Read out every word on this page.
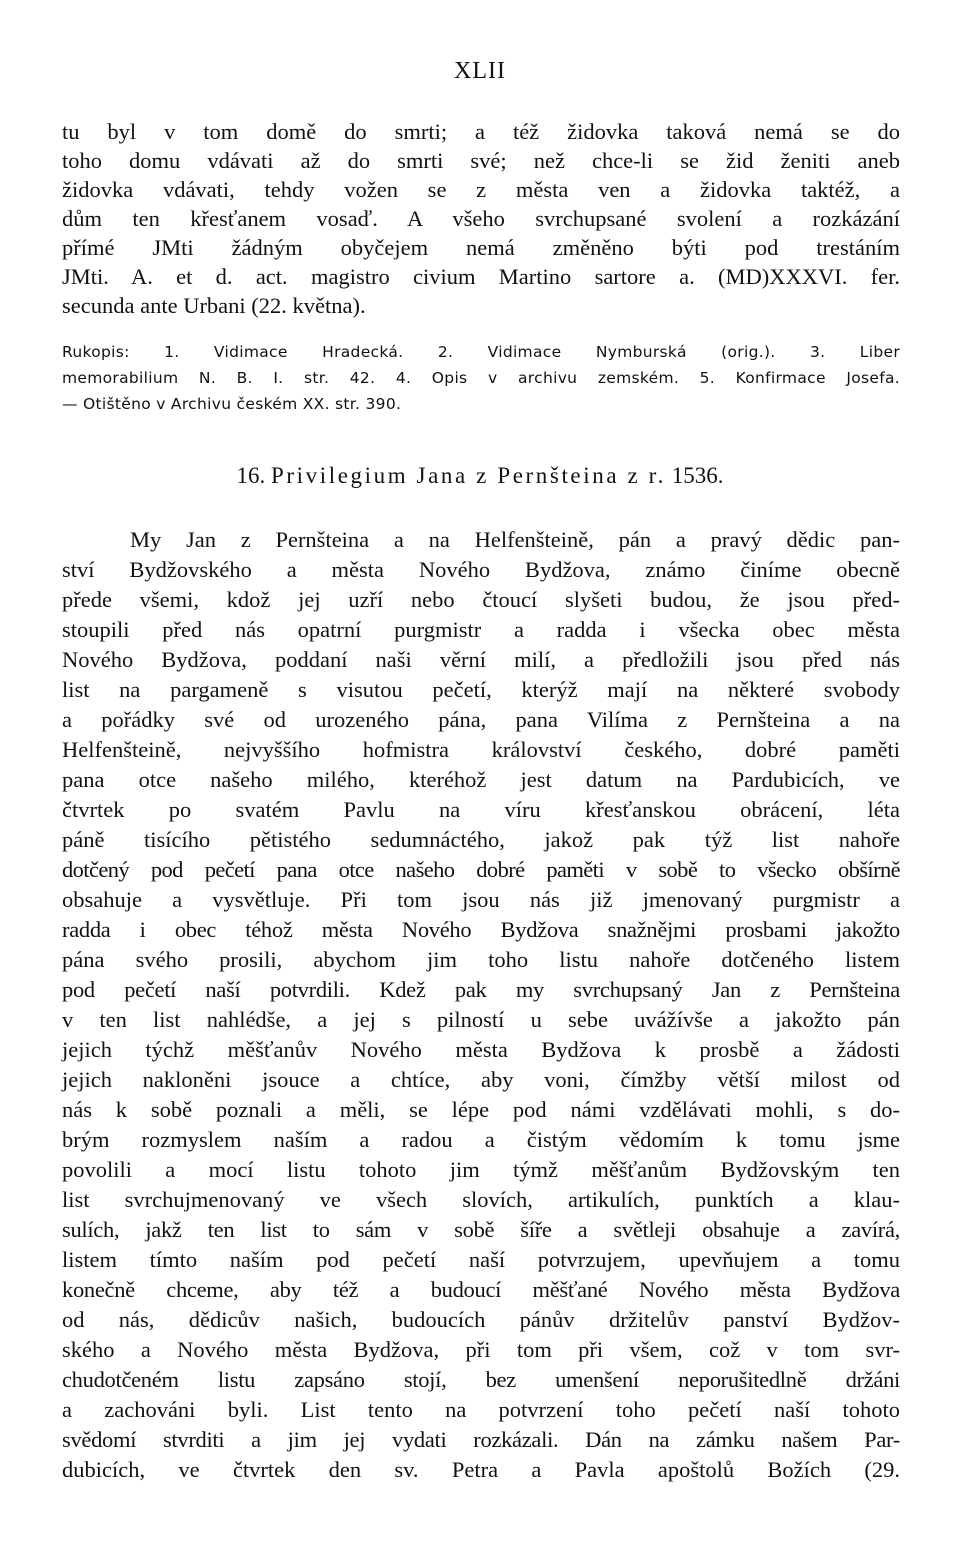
XLII
tu byl v tom domě do smrti; a též židovka taková nemá se do
toho domu vdávati až do smrti své; než chce-li se žid ženiti aneb
židovka vdávati, tehdy vožen se z města ven a židovka taktéž, a
dům ten křesťanem vosaď. A všeho svrchupsané svolení a rozkázání
přímé JMti žádným obyčejem nemá změněno býti pod trestáním
JMti. A. et d. act. magistro civium Martino sartore a. (MD)XXXVI. fer.
secunda ante Urbani (22. května).
Rukopis: 1. Vidimace Hradecká. 2. Vidimace Nymburská (orig.). 3. Liber
memorabilium N. B. I. str. 42. 4. Opis v archivu zemském. 5. Konfirmace Josefa.
— Otištěno v Archivu českém XX. str. 390.
16. Privilegium Jana z Pernšteina z r. 1536.
My Jan z Pernšteina a na Helfenšteině, pán a pravý dědic pan-
ství Bydžovského a města Nového Bydžova, známo činíme obecně
přede všemi, kdož jej uzří nebo čtoucí slyšeti budou, že jsou před-
stoupili před nás opatrní purgmistr a radda i všecka obec města
Nového Bydžova, poddaní naši věrní milí, a předložili jsou před nás
list na pargameně s visutou pečetí, kterýž mají na některé svobody
a pořádky své od urozeného pána, pana Vilíma z Pernšteina a na
Helfenšteině, nejvyššího hofmistra království českého, dobré paměti
pana otce našeho milého, kteréhož jest datum na Pardubicích, ve
čtvrtek po svatém Pavlu na víru křesťanskou obrácení, léta
páně tisícího pětistého sedumnáctého, jakož pak týž list nahoře
dotčený pod pečetí pana otce našeho dobré paměti v sobě to všecko obšírně
obsahuje a vysvětluje. Při tom jsou nás již jmenovaný purgmistr a
radda i obec téhož města Nového Bydžova snažnějmi prosbami jakožto
pána svého prosili, abychom jim toho listu nahoře dotčeného listem
pod pečetí naší potvrdili. Kdež pak my svrchupsaný Jan z Pernšteina
v ten list nahlédše, a jej s pilností u sebe uvážívše a jakožto pán
jejich týchž měšťanův Nového města Bydžova k prosbě a žádosti
jejich nakloněni jsouce a chtíce, aby voni, čímžby větší milost od
nás k sobě poznali a měli, se lépe pod námi vzdělávati mohli, s do-
brým rozmyslem naším a radou a čistým vědomím k tomu jsme
povolili a mocí listu tohoto jim týmž měšťanům Bydžovským ten
list svrchujmenovaný ve všech slovích, artikulích, punktích a klau-
sulích, jakž ten list to sám v sobě šíře a světleji obsahuje a zavírá,
listem tímto naším pod pečetí naší potvrzujem, upevňujem a tomu
konečně chceme, aby též a budoucí měšťané Nového města Bydžova
od nás, dědicův našich, budoucích pánův držitelův panství Bydžov-
ského a Nového města Bydžova, při tom při všem, což v tom svr-
chudotčeném listu zapsáno stojí, bez umenšení neporušitedlně držáni
a zachováni byli. List tento na potvrzení toho pečetí naší tohoto
svědomí stvrditi a jim jej vydati rozkázali. Dán na zámku našem Par-
dubicích, ve čtvrtek den sv. Petra a Pavla apoštolů Božích (29.
